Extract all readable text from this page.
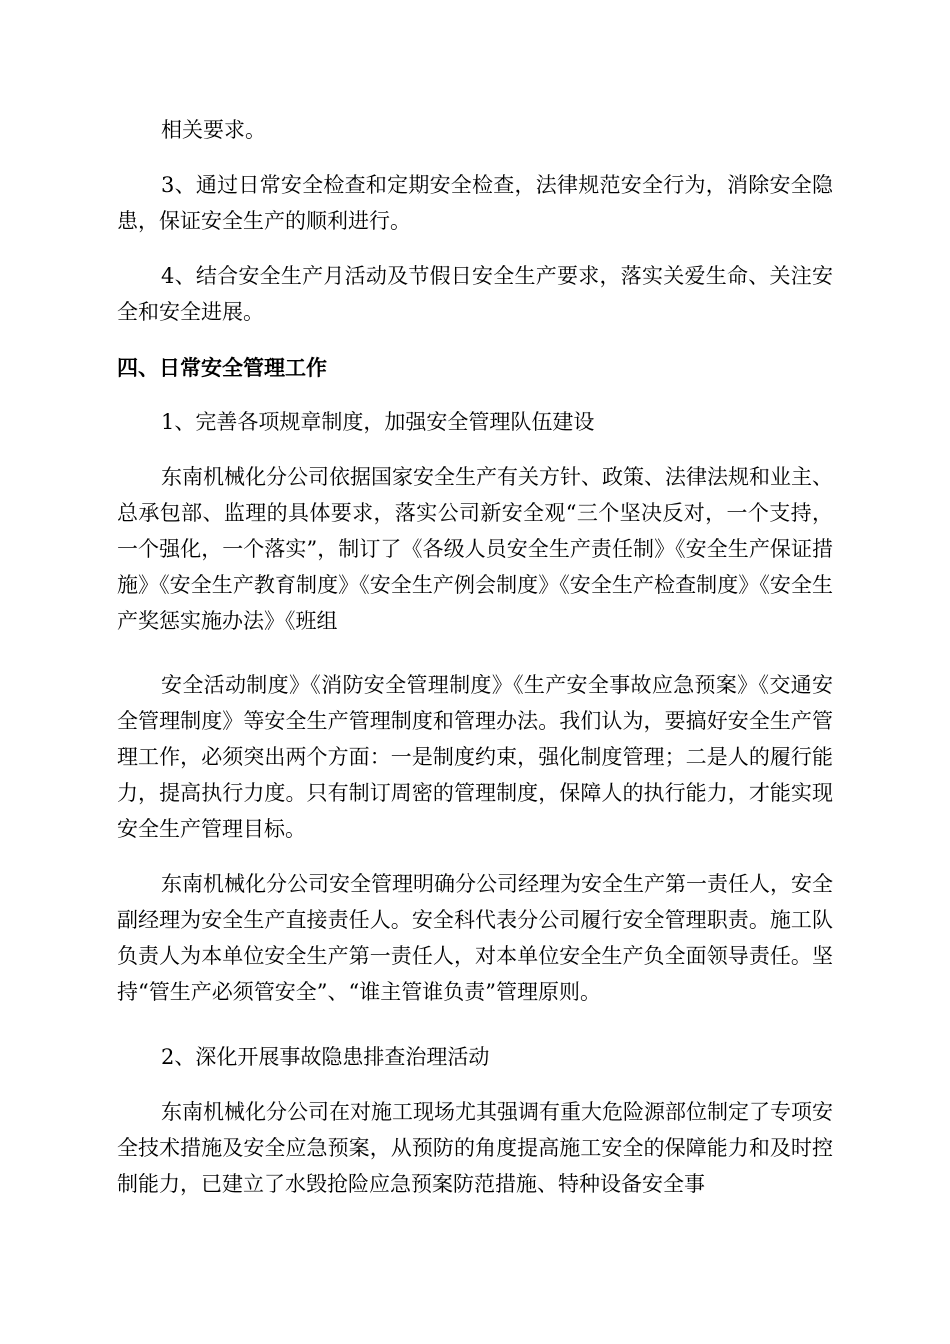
相关要求。

3、通过日常安全检查和定期安全检查，法律规范安全行为，消除安全隐患，保证安全生产的顺利进行。

4、结合安全生产月活动及节假日安全生产要求，落实关爱生命、关注安全和安全进展。

四、日常安全管理工作

1、完善各项规章制度，加强安全管理队伍建设

东南机械化分公司依据国家安全生产有关方针、政策、法律法规和业主、总承包部、监理的具体要求，落实公司新安全观“三个坚决反对，一个支持，一个强化，一个落实”，制订了《各级人员安全生产责任制》《安全生产保证措施》《安全生产教育制度》《安全生产例会制度》《安全生产检查制度》《安全生产奖惩实施办法》《班组

安全活动制度》《消防安全管理制度》《生产安全事故应急预案》《交通安全管理制度》等安全生产管理制度和管理办法。我们认为，要搞好安全生产管理工作，必须突出两个方面：一是制度约束，强化制度管理；二是人的履行能力，提高执行力度。只有制订周密的管理制度，保障人的执行能力，才能实现安全生产管理目标。

东南机械化分公司安全管理明确分公司经理为安全生产第一责任人，安全副经理为安全生产直接责任人。安全科代表分公司履行安全管理职责。施工队负责人为本单位安全生产第一责任人，对本单位安全生产负全面领导责任。坚持“管生产必须管安全”、“谁主管谁负责”管理原则。

2、深化开展事故隐患排查治理活动

东南机械化分公司在对施工现场尤其强调有重大危险源部位制定了专项安全技术措施及安全应急预案，从预防的角度提高施工安全的保障能力和及时控制能力，已建立了水毁抢险应急预案防范措施、特种设备安全事
